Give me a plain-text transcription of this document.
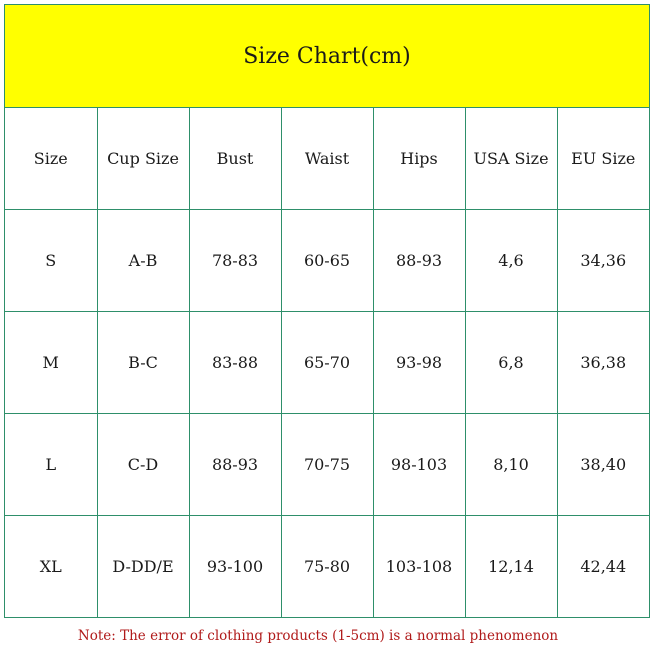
Size Chart(cm)
Size	Cup Size	Bust	Waist	Hips	USA Size	EU Size
S	A-B	78-83	60-65	88-93	4,6	34,36
M	B-C	83-88	65-70	93-98	6,8	36,38
L	C-D	88-93	70-75	98-103	8,10	38,40
XL	D-DD/E	93-100	75-80	103-108	12,14	42,44
Note: The error of clothing products (1-5cm) is a normal phenomenon
